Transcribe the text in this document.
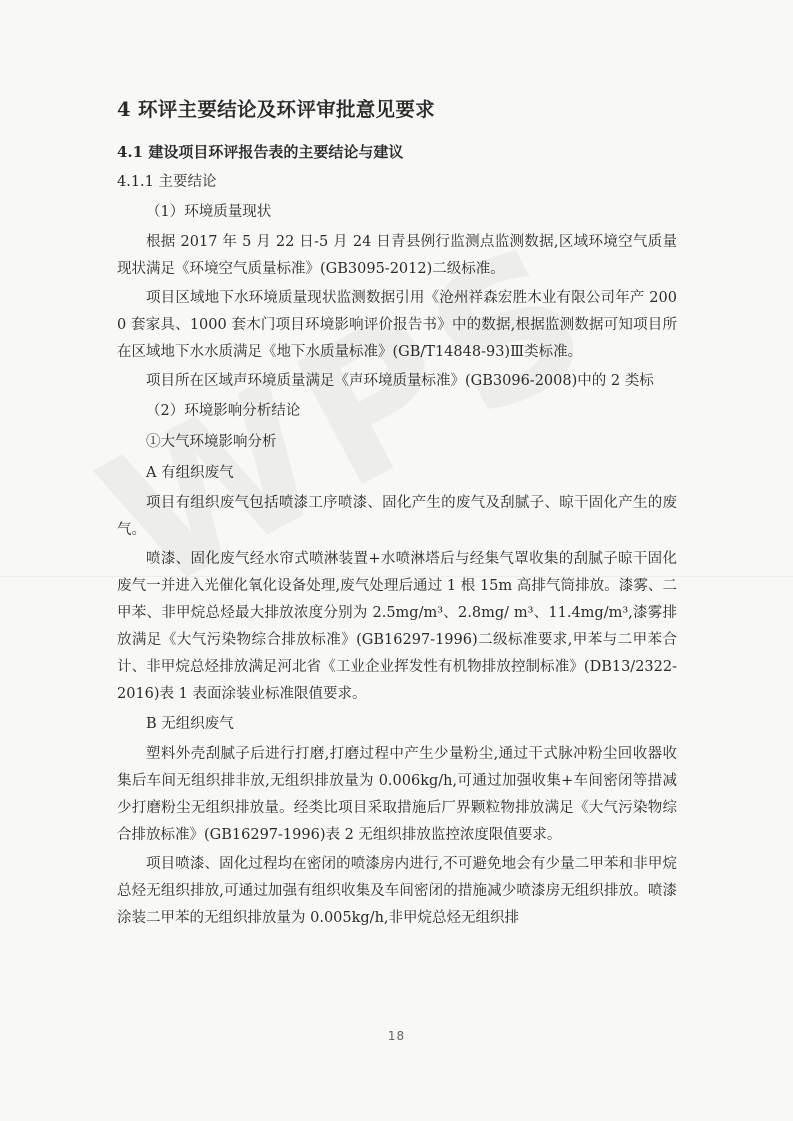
4 环评主要结论及环评审批意见要求
4.1 建设项目环评报告表的主要结论与建议
4.1.1 主要结论
（1）环境质量现状
根据 2017 年 5 月 22 日-5 月 24 日青县例行监测点监测数据,区域环境空气质量现状满足《环境空气质量标准》(GB3095-2012)二级标准。
项目区域地下水环境质量现状监测数据引用《沧州祥森宏胜木业有限公司年产 2000 套家具、1000 套木门项目环境影响评价报告书》中的数据,根据监测数据可知项目所在区域地下水水质满足《地下水质量标准》(GB/T14848-93)Ⅲ类标准。
项目所在区域声环境质量满足《声环境质量标准》(GB3096-2008)中的 2 类标
（2）环境影响分析结论
①大气环境影响分析
A 有组织废气
项目有组织废气包括喷漆工序喷漆、固化产生的废气及刮腻子、晾干固化产生的废气。
喷漆、固化废气经水帘式喷淋装置+水喷淋塔后与经集气罩收集的刮腻子晾干固化废气一并进入光催化氧化设备处理,废气处理后通过 1 根 15m 高排气筒排放。漆雾、二甲苯、非甲烷总烃最大排放浓度分别为 2.5mg/m³、2.8mg/ m³、11.4mg/m³,漆雾排放满足《大气污染物综合排放标准》(GB16297-1996)二级标准要求,甲苯与二甲苯合计、非甲烷总烃排放满足河北省《工业企业挥发性有机物排放控制标准》(DB13/2322-2016)表 1 表面涂装业标准限值要求。
B 无组织废气
塑料外壳刮腻子后进行打磨,打磨过程中产生少量粉尘,通过干式脉冲粉尘回收器收集后车间无组织排非放,无组织排放量为 0.006kg/h,可通过加强收集+车间密闭等措减少打磨粉尘无组织排放量。经类比项目采取措施后厂界颗粒物排放满足《大气污染物综合排放标准》(GB16297-1996)表 2 无组织排放监控浓度限值要求。
项目喷漆、固化过程均在密闭的喷漆房内进行,不可避免地会有少量二甲苯和非甲烷总烃无组织排放,可通过加强有组织收集及车间密闭的措施减少喷漆房无组织排放。喷漆涂装二甲苯的无组织排放量为 0.005kg/h,非甲烷总烃无组织排
18
